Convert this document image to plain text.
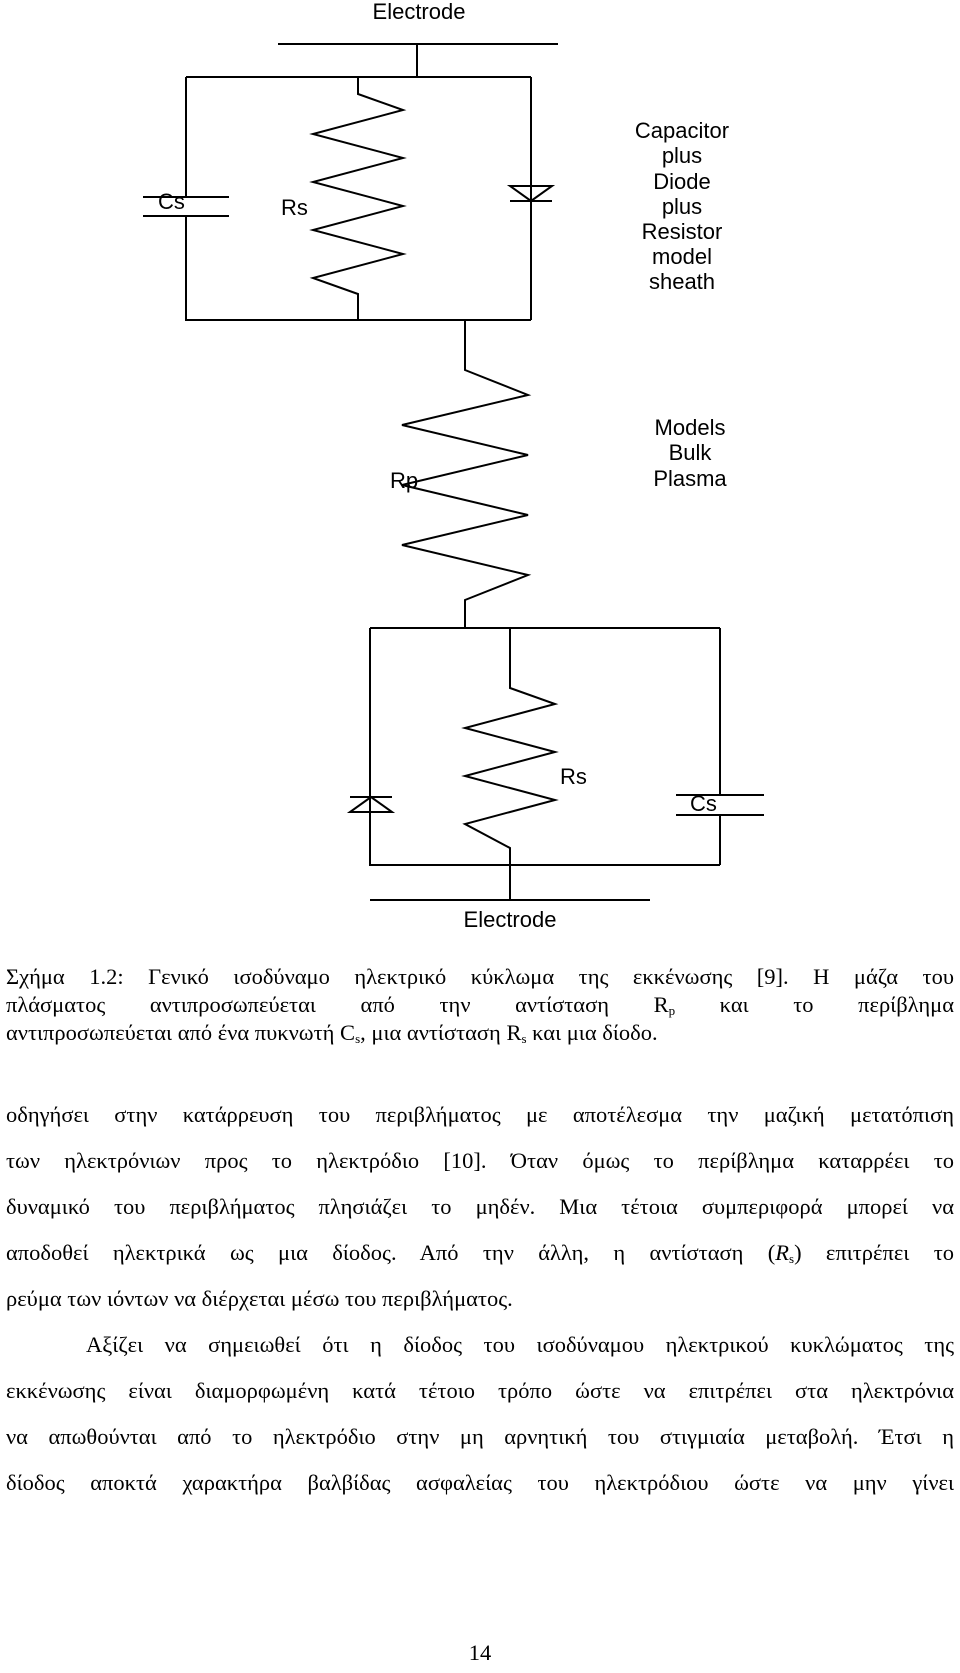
Electrode
Cs	Rs
Capacitor
plus
Diode
plus
Resistor
model
sheath
Rp
Models
Bulk
Plasma
Rs
Cs
Electrode
Σχήμα 1.2: Γενικό ισοδύναμο ηλεκτρικό κύκλωμα της εκκένωσης [9]. Η μάζα του
πλάσματος αντιπροσωπεύεται από την αντίσταση $R_p$ και το περίβλημα
αντιπροσωπεύεται από ένα πυκνωτή $C_s$, μια αντίσταση $R_s$ και μια δίοδο.
οδηγήσει στην κατάρρευση του περιβλήματος με αποτέλεσμα την μαζική μετατόπιση
των ηλεκτρόνιων προς το ηλεκτρόδιο [10]. Όταν όμως το περίβλημα καταρρέει το
δυναμικό του περιβλήματος πλησιάζει το μηδέν. Μια τέτοια συμπεριφορά μπορεί να
αποδοθεί ηλεκτρικά ως μια δίοδος. Από την άλλη, η αντίσταση $(R_s)$ επιτρέπει το
ρεύμα των ιόντων να διέρχεται μέσω του περιβλήματος.
Αξίζει να σημειωθεί ότι η δίοδος του ισοδύναμου ηλεκτρικού κυκλώματος της
εκκένωσης είναι διαμορφωμένη κατά τέτοιο τρόπο ώστε να επιτρέπει στα ηλεκτρόνια
να απωθούνται από το ηλεκτρόδιο στην μη αρνητική του στιγμιαία μεταβολή. Έτσι η
δίοδος αποκτά χαρακτήρα βαλβίδας ασφαλείας του ηλεκτρόδιου ώστε να μην γίνει
14
